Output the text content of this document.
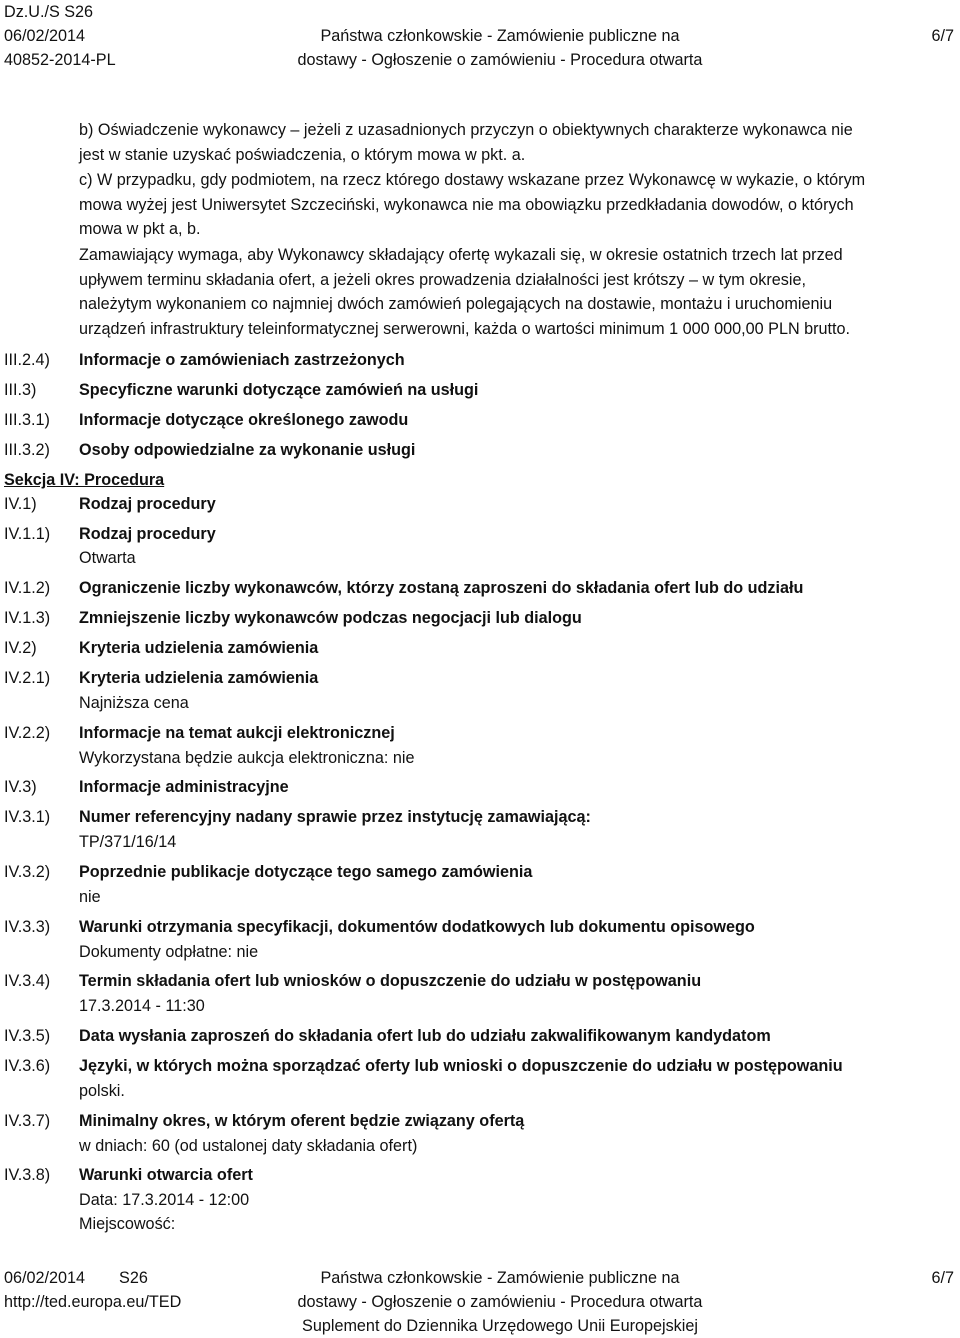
Dz.U./S S26
06/02/2014
40852-2014-PL
Państwa członkowskie - Zamówienie publiczne na
dostawy - Ogłoszenie o zamówieniu - Procedura otwarta
6/7
b) Oświadczenie wykonawcy – jeżeli z uzasadnionych przyczyn o obiektywnych charakterze wykonawca nie
jest w stanie uzyskać poświadczenia, o którym mowa w pkt. a.
c) W przypadku, gdy podmiotem, na rzecz którego dostawy wskazane przez Wykonawcę w wykazie, o którym
mowa wyżej jest Uniwersytet Szczeciński, wykonawca nie ma obowiązku przedkładania dowodów, o których
mowa w pkt a, b.
Zamawiający wymaga, aby Wykonawcy składający ofertę wykazali się, w okresie ostatnich trzech lat przed
upływem terminu składania ofert, a jeżeli okres prowadzenia działalności jest krótszy – w tym okresie,
należytym wykonaniem co najmniej dwóch zamówień polegających na dostawie, montażu i uruchomieniu
urządzeń infrastruktury teleinformatycznej serwerowni, każda o wartości minimum 1 000 000,00 PLN brutto.
III.2.4) Informacje o zamówieniach zastrzeżonych
III.3)	Specyficzne warunki dotyczące zamówień na usługi
III.3.1) Informacje dotyczące określonego zawodu
III.3.2) Osoby odpowiedzialne za wykonanie usługi
Sekcja IV: Procedura
IV.1)	Rodzaj procedury
IV.1.1) Rodzaj procedury
Otwarta
IV.1.2) Ograniczenie liczby wykonawców, którzy zostaną zaproszeni do składania ofert lub do udziału
IV.1.3) Zmniejszenie liczby wykonawców podczas negocjacji lub dialogu
IV.2)	Kryteria udzielenia zamówienia
IV.2.1) Kryteria udzielenia zamówienia
Najniższa cena
IV.2.2) Informacje na temat aukcji elektronicznej
Wykorzystana będzie aukcja elektroniczna: nie
IV.3)	Informacje administracyjne
IV.3.1) Numer referencyjny nadany sprawie przez instytucję zamawiającą:
TP/371/16/14
IV.3.2) Poprzednie publikacje dotyczące tego samego zamówienia
nie
IV.3.3) Warunki otrzymania specyfikacji, dokumentów dodatkowych lub dokumentu opisowego
Dokumenty odpłatne: nie
IV.3.4) Termin składania ofert lub wniosków o dopuszczenie do udziału w postępowaniu
17.3.2014 - 11:30
IV.3.5) Data wysłania zaproszeń do składania ofert lub do udziału zakwalifikowanym kandydatom
IV.3.6) Języki, w których można sporządzać oferty lub wnioski o dopuszczenie do udziału w postępowaniu
polski.
IV.3.7) Minimalny okres, w którym oferent będzie związany ofertą
w dniach: 60 (od ustalonej daty składania ofert)
IV.3.8) Warunki otwarcia ofert
Data: 17.3.2014 - 12:00
Miejscowość:
06/02/2014 S26
http://ted.europa.eu/TED
Państwa członkowskie - Zamówienie publiczne na
dostawy - Ogłoszenie o zamówieniu - Procedura otwarta
Suplement do Dziennika Urzędowego Unii Europejskiej
6/7
